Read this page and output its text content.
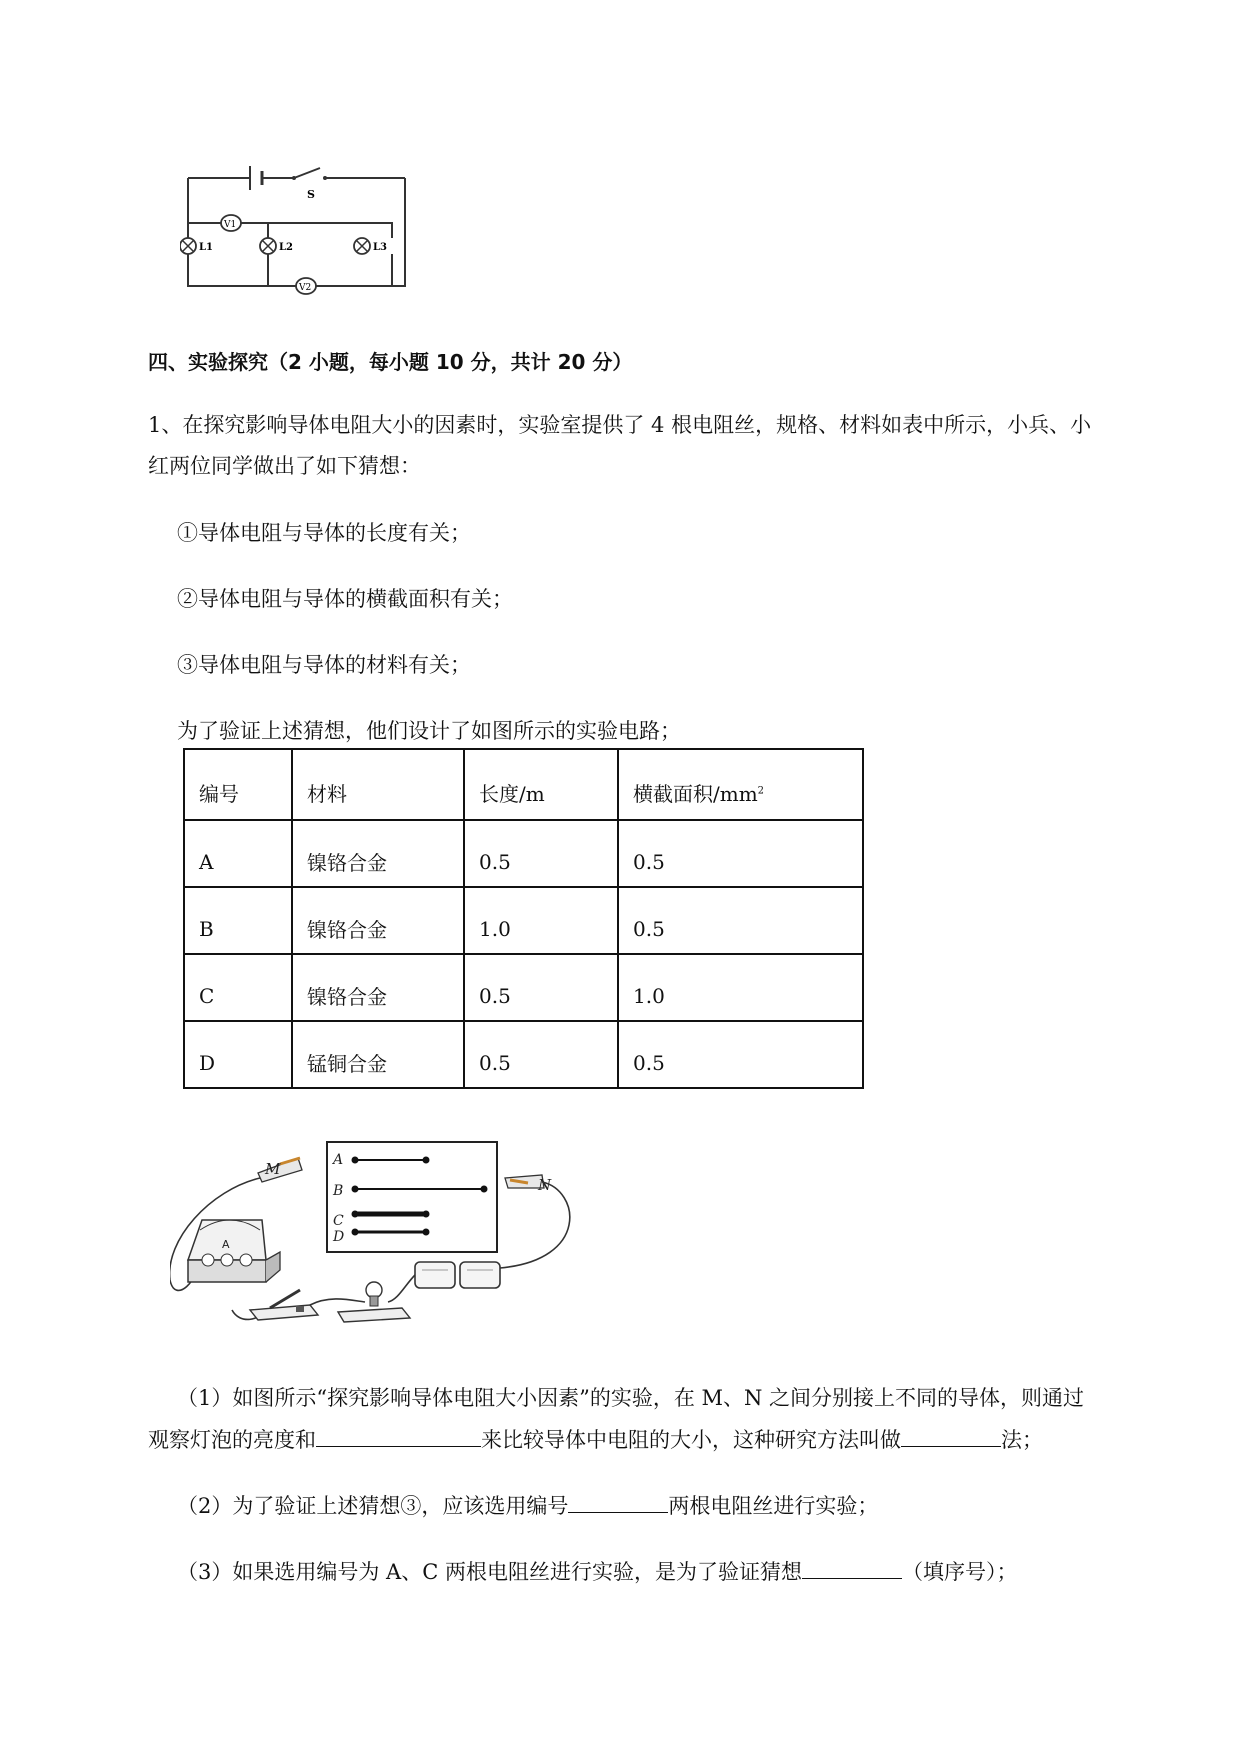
S
V1
V2
L1	L2	L3
四、实验探究（2 小题，每小题 10 分，共计 20 分）
1、在探究影响导体电阻大小的因素时，实验室提供了 4 根电阻丝，规格、材料如表中所示，小兵、小
红两位同学做出了如下猜想：
①导体电阻与导体的长度有关；
②导体电阻与导体的横截面积有关；
③导体电阻与导体的材料有关；
为了验证上述猜想，他们设计了如图所示的实验电路；
编号	材料	长度/m	横截面积$/mm^2$
A	镍铬合金	0.5	0.5
B	镍铬合金	1.0	0.5
C	镍铬合金	0.5	1.0
D	锰铜合金	0.5	0.5
A
B
C
D
M
N
A
（1）如图所示“探究影响导体电阻大小因素”的实验，在 M、N 之间分别接上不同的导体，则通过
观察灯泡的亮度和	来比较导体中电阻的大小，这种研究方法叫做	法；
（2）为了验证上述猜想③，应该选用编号	两根电阻丝进行实验；
（3）如果选用编号为 A、C 两根电阻丝进行实验，是为了验证猜想	（填序号）；
